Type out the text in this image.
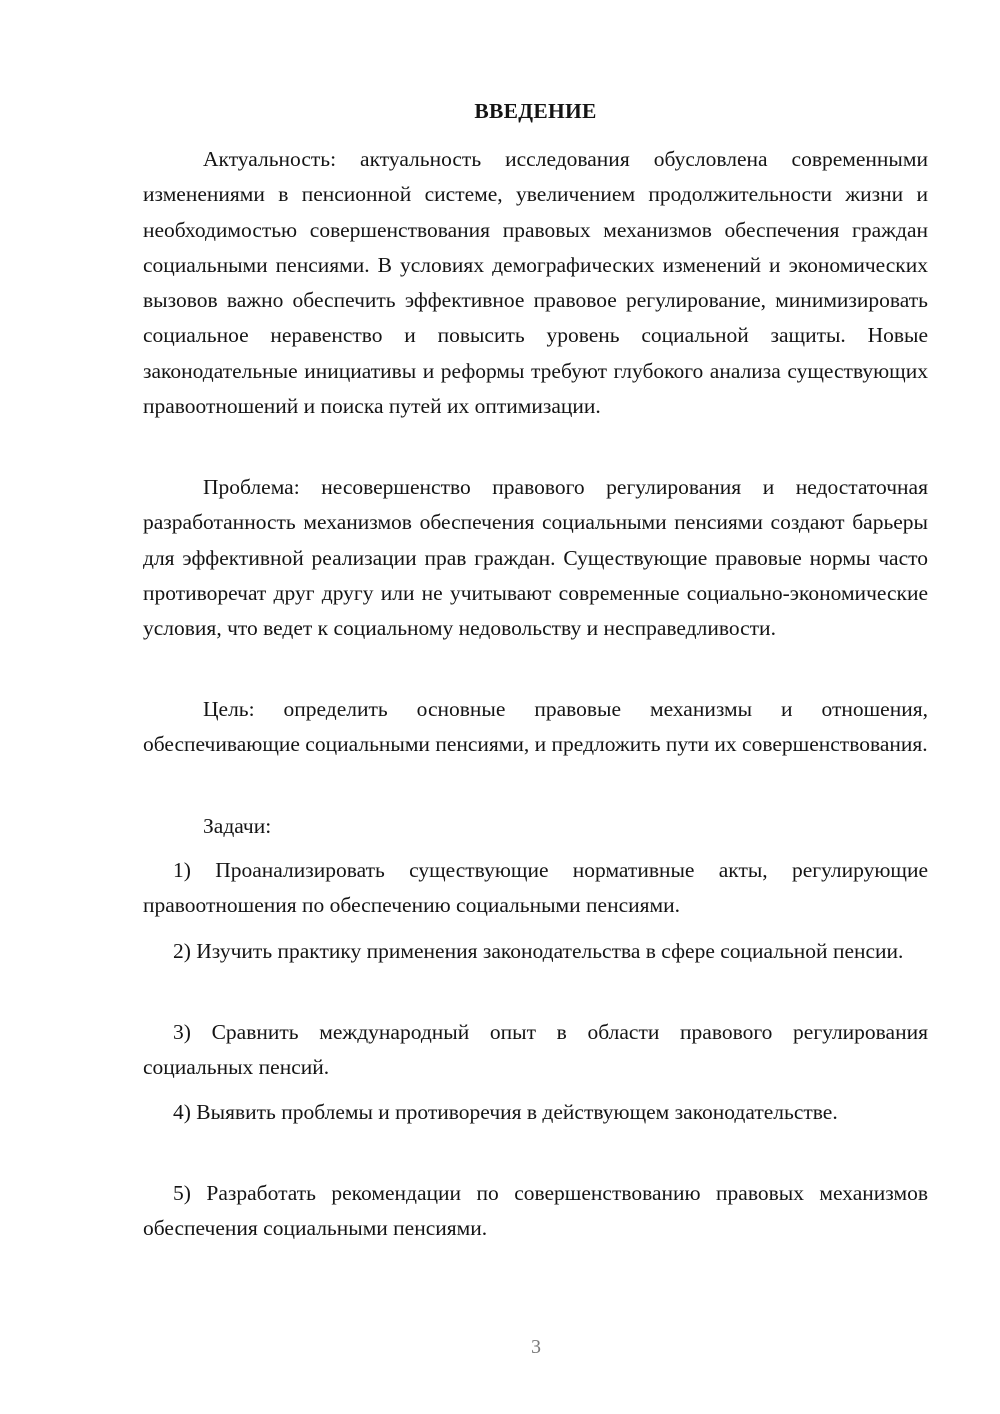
ВВЕДЕНИЕ

Актуальность: актуальность исследования обусловлена современными изменениями в пенсионной системе, увеличением продолжительности жизни и необходимостью совершенствования правовых механизмов обеспечения граждан социальными пенсиями. В условиях демографических изменений и экономических вызовов важно обеспечить эффективное правовое регулирование, минимизировать социальное неравенство и повысить уровень социальной защиты. Новые законодательные инициативы и реформы требуют глубокого анализа существующих правоотношений и поиска путей их оптимизации.

Проблема: несовершенство правового регулирования и недостаточная разработанность механизмов обеспечения социальными пенсиями создают барьеры для эффективной реализации прав граждан. Существующие правовые нормы часто противоречат друг другу или не учитывают современные социально-экономические условия, что ведет к социальному недовольству и несправедливости.

Цель: определить основные правовые механизмы и отношения, обеспечивающие социальными пенсиями, и предложить пути их совершенствования.

Задачи:

1) Проанализировать существующие нормативные акты, регулирующие правоотношения по обеспечению социальными пенсиями.

2) Изучить практику применения законодательства в сфере социальной пенсии.

3) Сравнить международный опыт в области правового регулирования социальных пенсий.

4) Выявить проблемы и противоречия в действующем законодательстве.

5) Разработать рекомендации по совершенствованию правовых механизмов обеспечения социальными пенсиями.

3
